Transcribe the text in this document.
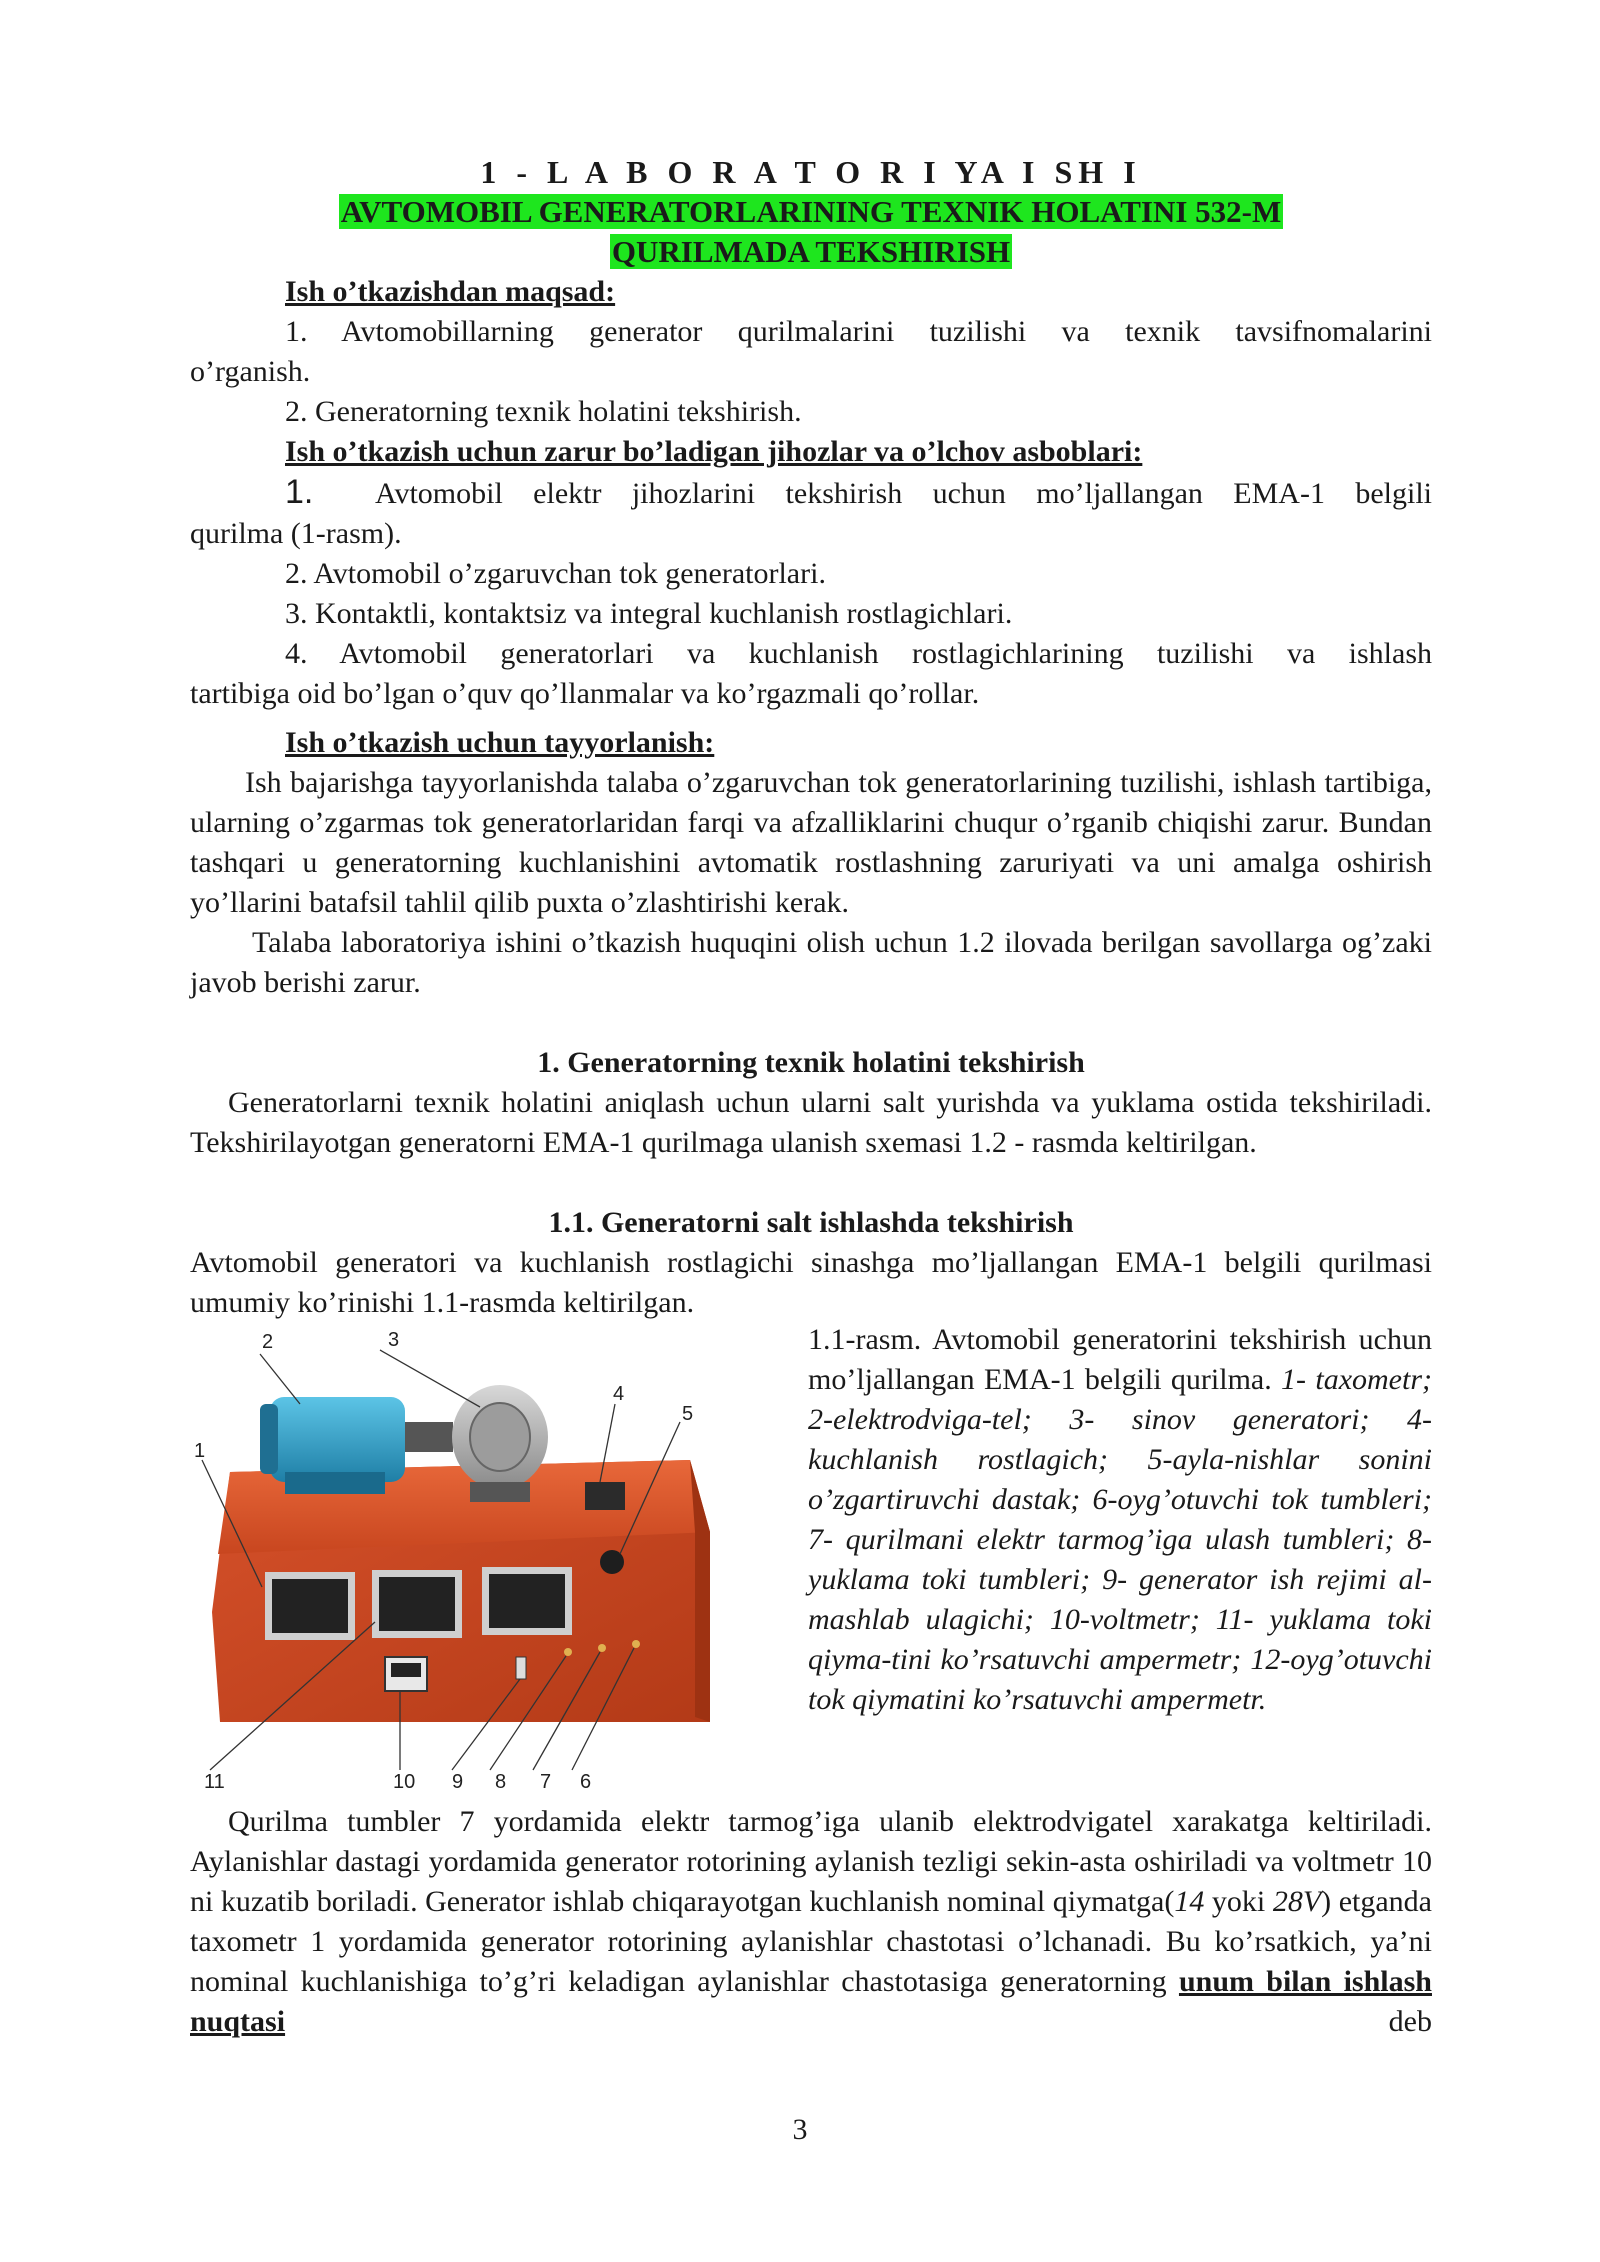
1 - L A B O R A T O R I YA I SH I

AVTOMOBIL GENERATORLARINING TEXNIK HOLATINI 532-M

QURILMADA TEKSHIRISH

Ish o’tkazishdan maqsad:

1. Avtomobillarning generator qurilmalarini tuzilishi va texnik tavsifnomalarini

o’rganish.

2. Generatorning texnik holatini tekshirish.

Ish o’tkazish uchun zarur bo’ladigan jihozlar va o’lchov asboblari:

1.	Avtomobil elektr jihozlarini tekshirish uchun mo’ljallangan EMA-1 belgili

qurilma (1-rasm).

2. Avtomobil o’zgaruvchan tok generatorlari.

3. Kontaktli, kontaktsiz va integral kuchlanish rostlagichlari.

4. Avtomobil generatorlari va kuchlanish rostlagichlarining tuzilishi va ishlash

tartibiga oid bo’lgan o’quv qo’llanmalar va ko’rgazmali qo’rollar.

Ish o’tkazish uchun tayyorlanish:

Ish bajarishga tayyorlanishda talaba o’zgaruvchan tok generatorlarining tuzilishi, ishlash tartibiga, ularning o’zgarmas tok generatorlaridan farqi va afzalliklarini chuqur o’rganib chiqishi zarur. Bundan tashqari u generatorning kuchlanishini avtomatik rostlashning zaruriyati va uni amalga oshirish yo’llarini batafsil tahlil qilib puxta o’zlashtirishi kerak.

Talaba laboratoriya ishini o’tkazish huquqini olish uchun 1.2 ilovada berilgan savollarga og’zaki javob berishi zarur.

1. Generatorning texnik holatini tekshirish

Generatorlarni texnik holatini aniqlash uchun ularni salt yurishda va yuklama ostida tekshiriladi. Tekshirilayotgan generatorni EMA-1 qurilmaga ulanish sxemasi 1.2 - rasmda keltirilgan.

1.1. Generatorni salt ishlashda tekshirish

Avtomobil generatori va kuchlanish rostlagichi sinashga mo’ljallangan EMA-1 belgili qurilmasi umumiy ko’rinishi 1.1-rasmda keltirilgan.

1
2	3
4
5
6
7
8
9
10
11
1.1-rasm. Avtomobil generatorini tekshirish uchun mo’ljallangan EMA-1 belgili qurilma. 1- taxometr; 2-elektrodviga-tel; 3- sinov generatori; 4-kuchlanish rostlagich; 5-ayla-nishlar sonini o’zgartiruvchi dastak; 6-oyg’otuvchi tok tumbleri; 7- qurilmani elektr tarmog’iga ulash tumbleri; 8- yuklama toki tumbleri; 9- generator ish rejimi al-mashlab ulagichi; 10-voltmetr; 11- yuklama toki qiyma-tini ko’rsatuvchi ampermetr; 12-oyg’otuvchi tok qiymatini ko’rsatuvchi ampermetr.

Qurilma tumbler 7 yordamida elektr tarmog’iga ulanib elektrodvigatel xarakatga keltiriladi. Aylanishlar dastagi yordamida generator rotorining aylanish tezligi sekin-asta oshiriladi va voltmetr 10 ni kuzatib boriladi. Generator ishlab chiqarayotgan kuchlanish nominal qiymatga(14 yoki 28V) etganda taxometr 1 yordamida generator rotorining aylanishlar chastotasi o’lchanadi. Bu ko’rsatkich, ya’ni nominal kuchlanishiga to’g’ri keladigan aylanishlar chastotasiga generatorning unum bilan ishlash nuqtasi deb

3
